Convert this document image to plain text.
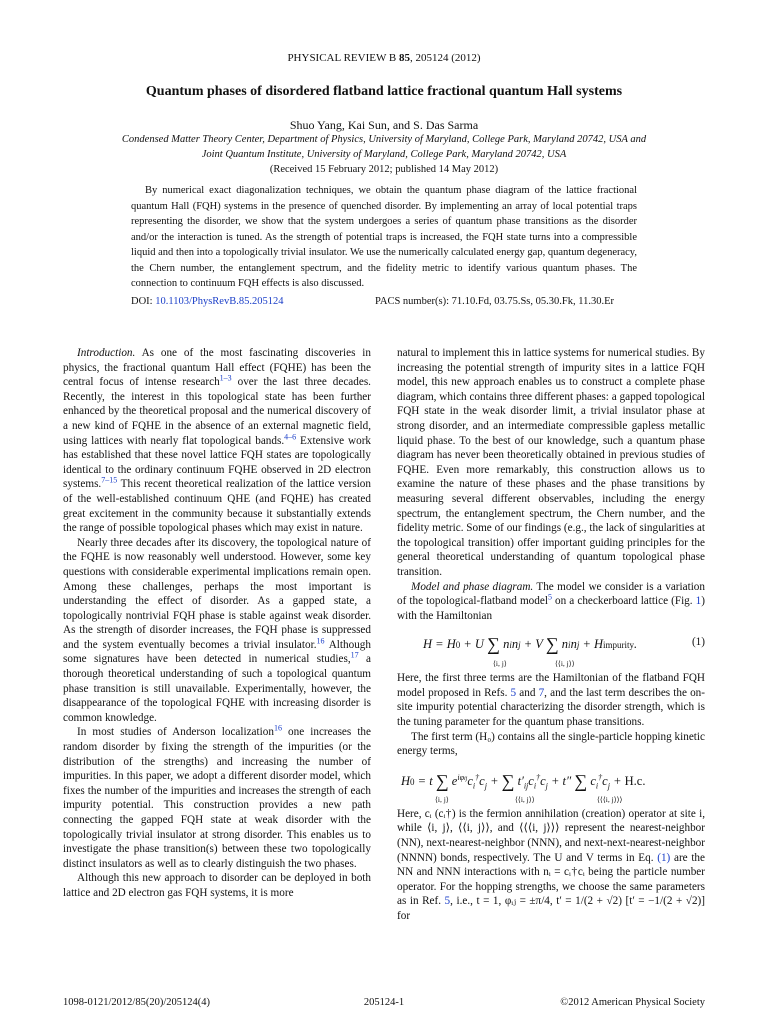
PHYSICAL REVIEW B 85, 205124 (2012)
Quantum phases of disordered flatband lattice fractional quantum Hall systems
Shuo Yang, Kai Sun, and S. Das Sarma
Condensed Matter Theory Center, Department of Physics, University of Maryland, College Park, Maryland 20742, USA and
Joint Quantum Institute, University of Maryland, College Park, Maryland 20742, USA
(Received 15 February 2012; published 14 May 2012)
By numerical exact diagonalization techniques, we obtain the quantum phase diagram of the lattice fractional quantum Hall (FQH) systems in the presence of quenched disorder. By implementing an array of local potential traps representing the disorder, we show that the system undergoes a series of quantum phase transitions as the disorder and/or the interaction is tuned. As the strength of potential traps is increased, the FQH state turns into a compressible liquid and then into a topologically trivial insulator. We use the numerically calculated energy gap, quantum degeneracy, the Chern number, the entanglement spectrum, and the fidelity metric to identify various quantum phases. The connection to continuum FQH effects is also discussed.
DOI: 10.1103/PhysRevB.85.205124	PACS number(s): 71.10.Fd, 03.75.Ss, 05.30.Fk, 11.30.Er

Introduction. As one of the most fascinating discoveries in physics, the fractional quantum Hall effect (FQHE) has been the central focus of intense research$^{1-3}$ over the last three decades. Recently, the interest in this topological state has been further enhanced by the theoretical proposal and the numerical discovery of a new kind of FQHE in the absence of an external magnetic field, using lattices with nearly flat topological bands.$^{4-6}$ Extensive work has established that these novel lattice FQH states are topologically identical to the ordinary continuum FQHE observed in 2D electron systems.$^{7-15}$ This recent theoretical realization of the lattice version of the well-established continuum QHE (and FQHE) has created great excitement in the community because it substantially extends the range of possible topological phases which may exist in nature.

Nearly three decades after its discovery, the topological nature of the FQHE is now reasonably well understood. However, some key questions with considerable experimental implications remain open. Among these challenges, perhaps the most important is understanding the effect of disorder. As a gapped state, a topologically nontrivial FQH phase is stable against weak disorder. As the strength of disorder increases, the FQH phase is suppressed and the system eventually becomes a trivial insulator.$^{16}$ Although some signatures have been detected in numerical studies,$^{17}$ a thorough theoretical understanding of such a topological quantum phase transition is still unavailable. Experimentally, however, the disappearance of the topological FQHE with increasing disorder is common knowledge.

In most studies of Anderson localization$^{16}$ one increases the random disorder by fixing the strength of the impurities (or the distribution of the strengths) and increasing the number of impurities. In this paper, we adopt a different disorder model, which fixes the number of the impurities and increases the strength of each impurity potential. This construction provides a new path connecting the gapped FQH state at weak disorder with the topologically trivial insulator at strong disorder. This enables us to investigate the phase transition(s) between these two topologically distinct insulators as well as to clearly distinguish the two phases.

Although this new approach to disorder can be deployed in both lattice and 2D electron gas FQH systems, it is more

natural to implement this in lattice systems for numerical studies. By increasing the potential strength of impurity sites in a lattice FQH model, this new approach enables us to construct a complete phase diagram, which contains three different phases: a gapped topological FQH state in the weak disorder limit, a trivial insulator phase at strong disorder, and an intermediate compressible gapless metallic liquid phase. To the best of our knowledge, such a quantum phase diagram has never been theoretically obtained in previous studies of FQHE. Even more remarkably, this construction allows us to examine the nature of these phases and the phase transitions by measuring several different observables, including the energy spectrum, the entanglement spectrum, the Chern number, and the fidelity metric. Some of our findings (e.g., the lack of singularities at the topological transition) offer important guiding principles for the general theoretical understanding of quantum topological phase transition.

Model and phase diagram. The model we consider is a variation of the topological-flatband model$^5$ on a checkerboard lattice (Fig. 1) with the Hamiltonian

H = H0 + U ∑ ninj + V ∑ ninj + Himpurity.
⟨i, j⟩	⟨⟨i, j⟩⟩
(1)

Here, the first three terms are the Hamiltonian of the flatband FQH model proposed in Refs. 5 and 7, and the last term describes the on-site impurity potential characterizing the disorder strength, which is the tuning parameter for the quantum phase transitions.

The first term (H₀) contains all the single-particle hopping kinetic energy terms,

H0 = t ∑ $e^{i\varphi ij}c_i^\dagger c_j$ + ∑ $t'_{ij}c_i^\dagger c_j + t''$ ∑ $c_i^\dagger c_j + H.c$.
⟨i, j⟩	⟨⟨i, j⟩⟩	⟨⟨⟨i, j⟩⟩⟩

Here, cᵢ (cᵢ†) is the fermion annihilation (creation) operator at site i, while ⟨i, j⟩, ⟨⟨i, j⟩⟩, and ⟨⟨⟨i, j⟩⟩⟩ represent the nearest-neighbor (NN), next-nearest-neighbor (NNN), and next-next-nearest-neighbor (NNNN) bonds, respectively. The U and V terms in Eq. (1) are the NN and NNN interactions with nᵢ = cᵢ†cᵢ being the particle number operator. For the hopping strengths, we choose the same parameters as in Ref. 5, i.e., t = 1, φᵢⱼ = ±π/4, t′ = 1/(2 + √2) [t′ = −1/(2 + √2)] for

1098-0121/2012/85(20)/205124(4)	205124-1	©2012 American Physical Society
